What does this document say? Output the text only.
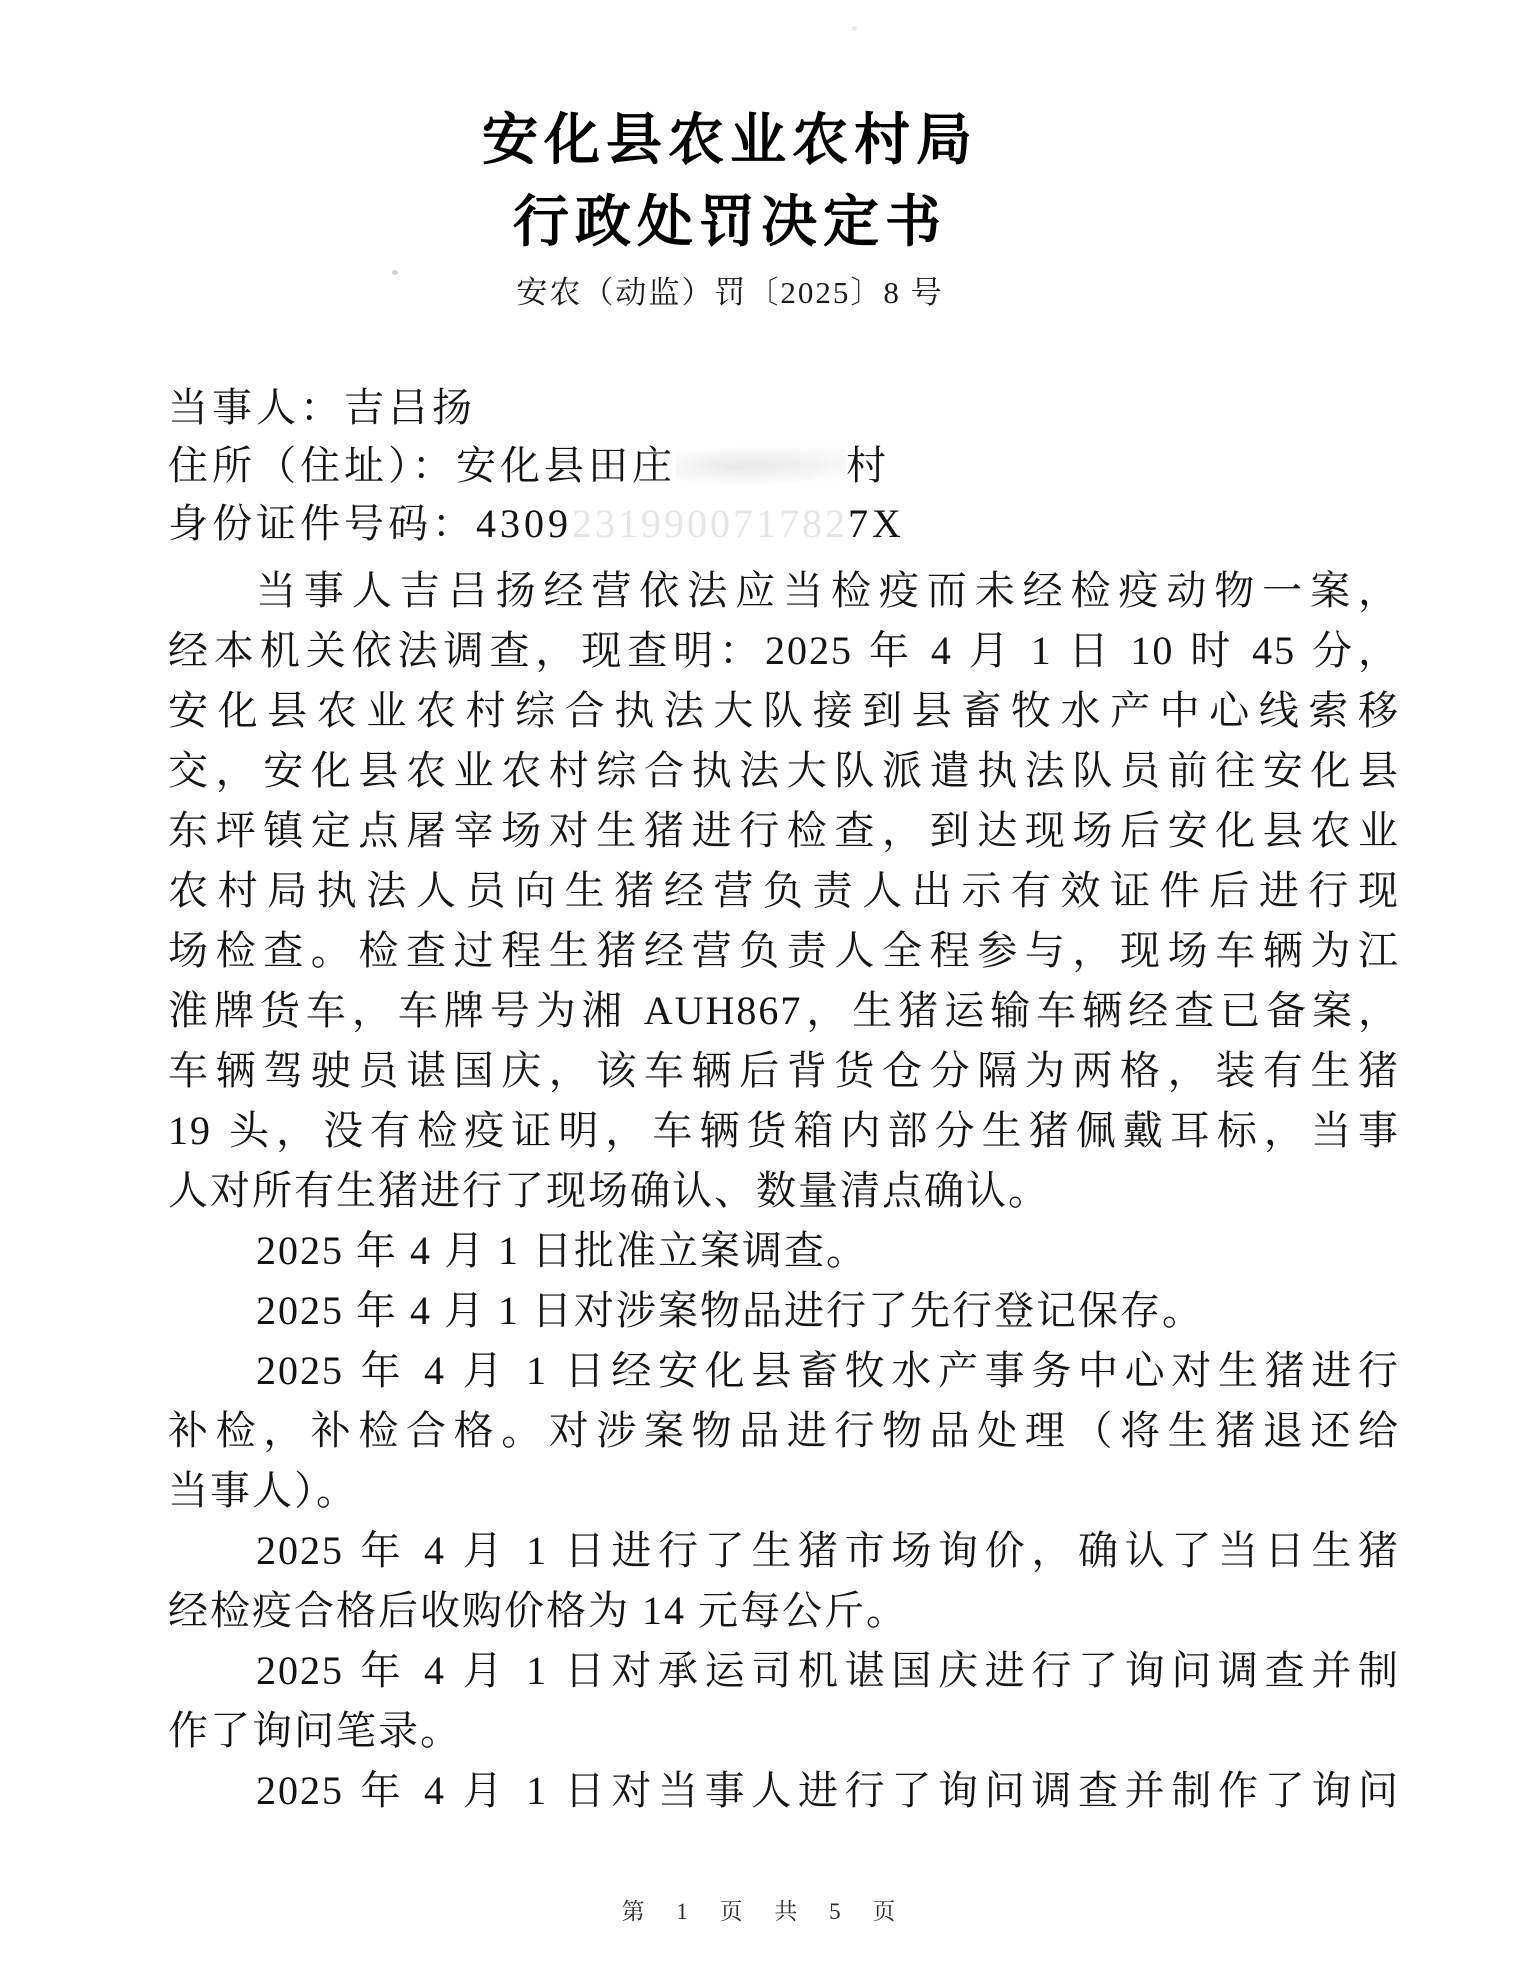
安化县农业农村局
行政处罚决定书
安农（动监）罚〔2025〕8 号
当事人：吉吕扬
住所（住址）：安化县田庄	村
身份证件号码：43092319900717827X
当事人吉吕扬经营依法应当检疫而未经检疫动物一案，
经本机关依法调查，现查明：2025 年 4 月 1 日 10 时 45 分，
安化县农业农村综合执法大队接到县畜牧水产中心线索移
交，安化县农业农村综合执法大队派遣执法队员前往安化县
东坪镇定点屠宰场对生猪进行检查，到达现场后安化县农业
农村局执法人员向生猪经营负责人出示有效证件后进行现
场检查。检查过程生猪经营负责人全程参与，现场车辆为江
淮牌货车，车牌号为湘 AUH867，生猪运输车辆经查已备案，
车辆驾驶员谌国庆，该车辆后背货仓分隔为两格，装有生猪
19 头，没有检疫证明，车辆货箱内部分生猪佩戴耳标，当事
人对所有生猪进行了现场确认、数量清点确认。
2025 年 4 月 1 日批准立案调查。
2025 年 4 月 1 日对涉案物品进行了先行登记保存。
2025 年 4 月 1 日经安化县畜牧水产事务中心对生猪进行
补检，补检合格。对涉案物品进行物品处理（将生猪退还给
当事人）。
2025 年 4 月 1 日进行了生猪市场询价，确认了当日生猪
经检疫合格后收购价格为 14 元每公斤。
2025 年 4 月 1 日对承运司机谌国庆进行了询问调查并制
作了询问笔录。
2025 年 4 月 1 日对当事人进行了询问调查并制作了询问
第 1 页 共 5 页
